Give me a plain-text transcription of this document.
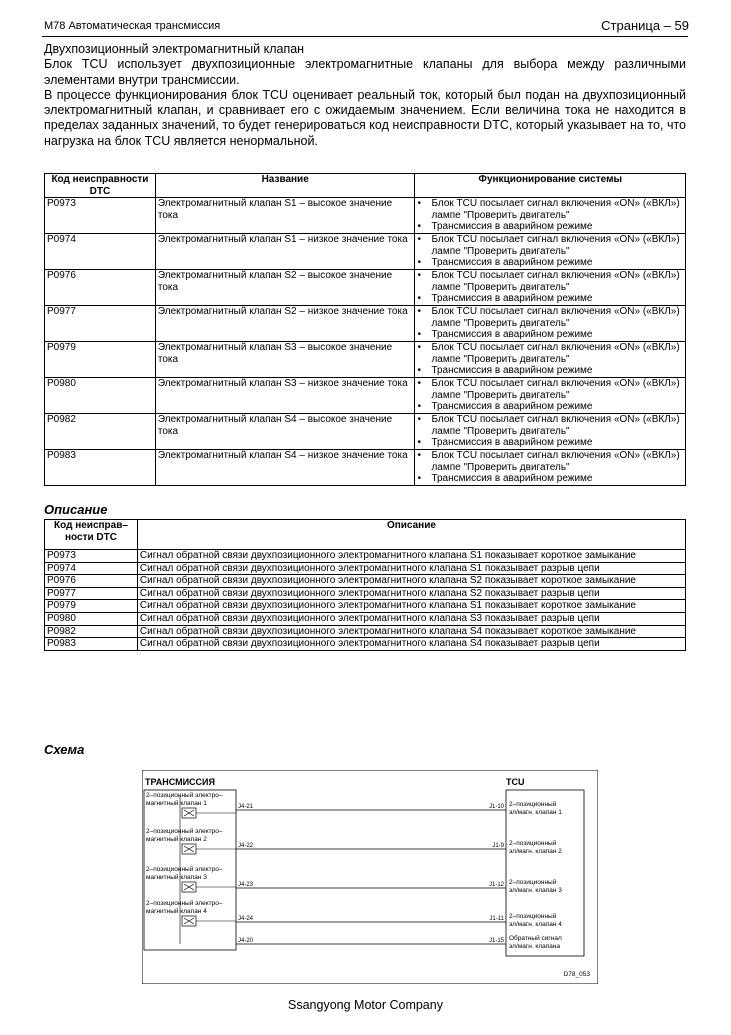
M78 Автоматическая трансмиссия	Страница – 59

Двухпозиционный электромагнитный клапан

Блок TCU использует двухпозиционные электромагнитные клапаны для выбора между различными элементами внутри трансмиссии.

В процессе функционирования блок TCU оценивает реальный ток, который был подан на двухпозиционный электромагнитный клапан, и сравнивает его с ожидаемым значением. Если величина тока не находится в пределах заданных значений, то будет генерироваться код неисправности DTC, который указывает на то, что нагрузка на блок TCU является ненормальной.

Код неисправности DTC	Название	Функционирование системы
P0973	Электромагнитный клапан S1 – высокое значение тока	• Блок TCU посылает сигнал включения «ON» («ВКЛ») лампе "Проверить двигатель"
• Трансмиссия в аварийном режиме

P0974	Электромагнитный клапан S1 – низкое значение тока	• Блок TCU посылает сигнал включения «ON» («ВКЛ») лампе "Проверить двигатель"
• Трансмиссия в аварийном режиме

P0976	Электромагнитный клапан S2 – высокое значение тока	• Блок TCU посылает сигнал включения «ON» («ВКЛ») лампе "Проверить двигатель"
• Трансмиссия в аварийном режиме

P0977	Электромагнитный клапан S2 – низкое значение тока	• Блок TCU посылает сигнал включения «ON» («ВКЛ») лампе "Проверить двигатель"
• Трансмиссия в аварийном режиме

P0979	Электромагнитный клапан S3 – высокое значение тока	• Блок TCU посылает сигнал включения «ON» («ВКЛ») лампе "Проверить двигатель"
• Трансмиссия в аварийном режиме

P0980	Электромагнитный клапан S3 – низкое значение тока	• Блок TCU посылает сигнал включения «ON» («ВКЛ») лампе "Проверить двигатель"
• Трансмиссия в аварийном режиме

P0982	Электромагнитный клапан S4 – высокое значение тока	• Блок TCU посылает сигнал включения «ON» («ВКЛ») лампе "Проверить двигатель"
• Трансмиссия в аварийном режиме

P0983	Электромагнитный клапан S4 – низкое значение тока	• Блок TCU посылает сигнал включения «ON» («ВКЛ») лампе "Проверить двигатель"
• Трансмиссия в аварийном режиме
Описание
Код неисправ–ности DTC	Описание
P0973	Сигнал обратной связи двухпозиционного электромагнитного клапана S1 показывает короткое замыкание
P0974	Сигнал обратной связи двухпозиционного электромагнитного клапана S1 показывает разрыв цепи
P0976	Сигнал обратной связи двухпозиционного электромагнитного клапана S2 показывает короткое замыкание
P0977	Сигнал обратной связи двухпозиционного электромагнитного клапана S2 показывает разрыв цепи
P0979	Сигнал обратной связи двухпозиционного электромагнитного клапана S1 показывает короткое замыкание
P0980	Сигнал обратной связи двухпозиционного электромагнитного клапана S3 показывает разрыв цепи
P0982	Сигнал обратной связи двухпозиционного электромагнитного клапана S4 показывает короткое замыкание
P0983	Сигнал обратной связи двухпозиционного электромагнитного клапана S4 показывает разрыв цепи
Схема
ТРАНСМИССИЯ	TCU
2–позиционный электро–
магнитный клапан 1
2–позиционный электро–
магнитный клапан 2
2–позиционный электро–
магнитный клапан 3
2–позиционный электро–
магнитный клапан 4
J4-21	J1-10 2–позиционный
эл/магн. клапан 1
J4-22	J1-9 2–позиционный
эл/магн. клапан 2
J4-23	J1-12 2–позиционный
эл/магн. клапан 3
J4-24	J1-11 2–позиционный
эл/магн. клапан 4
J4-20	J1-15 Обратный сигнал
эл/магн. клапана
D78_053
Ssangyong Motor Company
